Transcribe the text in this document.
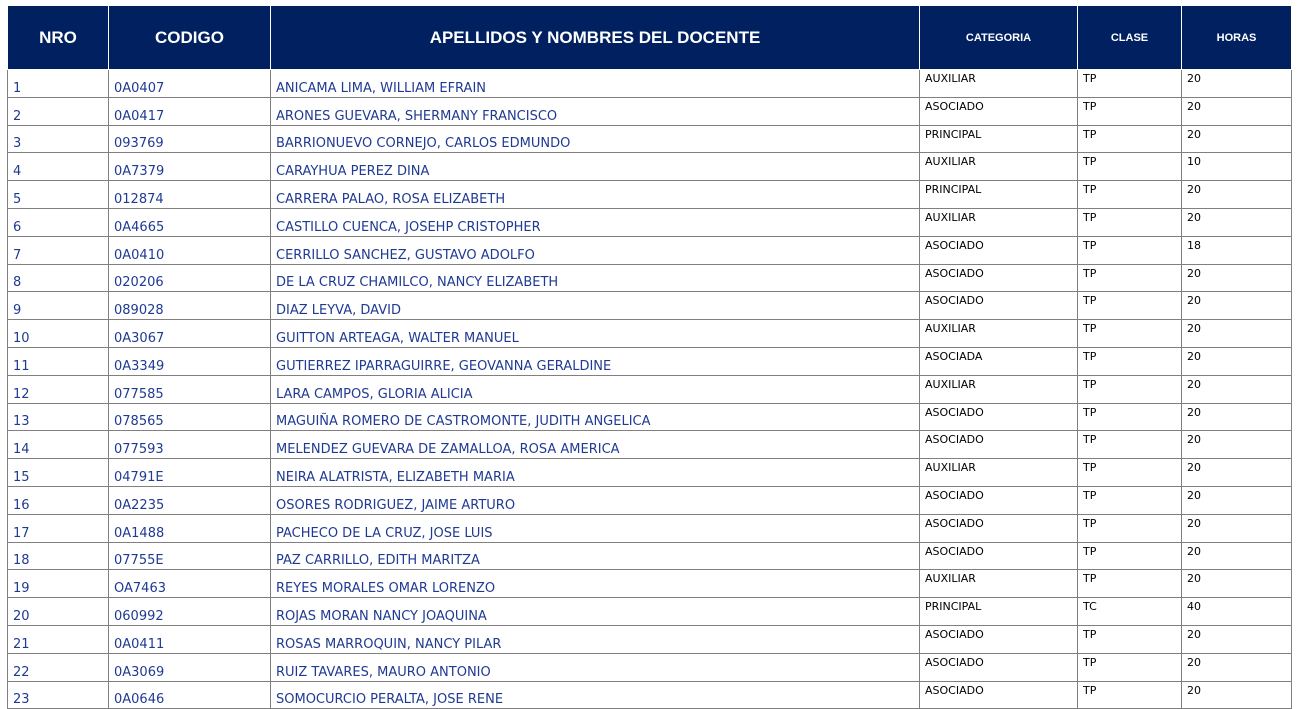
NRO	CODIGO	APELLIDOS Y NOMBRES DEL DOCENTE	CATEGORIA	CLASE	HORAS
1	0A0407	ANICAMA LIMA, WILLIAM EFRAIN	AUXILIAR	TP	20
2	0A0417	ARONES GUEVARA, SHERMANY FRANCISCO	ASOCIADO	TP	20
3	093769	BARRIONUEVO CORNEJO, CARLOS EDMUNDO	PRINCIPAL	TP	20
4	0A7379	CARAYHUA PEREZ DINA	AUXILIAR	TP	10
5	012874	CARRERA PALAO, ROSA ELIZABETH	PRINCIPAL	TP	20
6	0A4665	CASTILLO CUENCA, JOSEHP CRISTOPHER	AUXILIAR	TP	20
7	0A0410	CERRILLO SANCHEZ, GUSTAVO ADOLFO	ASOCIADO	TP	18
8	020206	DE LA CRUZ CHAMILCO, NANCY ELIZABETH	ASOCIADO	TP	20
9	089028	DIAZ LEYVA, DAVID	ASOCIADO	TP	20
10	0A3067	GUITTON ARTEAGA, WALTER MANUEL	AUXILIAR	TP	20
11	0A3349	GUTIERREZ IPARRAGUIRRE, GEOVANNA GERALDINE	ASOCIADA	TP	20
12	077585	LARA CAMPOS, GLORIA ALICIA	AUXILIAR	TP	20
13	078565	MAGUIÑA ROMERO DE CASTROMONTE, JUDITH ANGELICA	ASOCIADO	TP	20
14	077593	MELENDEZ GUEVARA DE ZAMALLOA, ROSA AMERICA	ASOCIADO	TP	20
15	04791E	NEIRA ALATRISTA, ELIZABETH MARIA	AUXILIAR	TP	20
16	0A2235	OSORES RODRIGUEZ, JAIME ARTURO	ASOCIADO	TP	20
17	0A1488	PACHECO DE LA CRUZ, JOSE LUIS	ASOCIADO	TP	20
18	07755E	PAZ CARRILLO, EDITH MARITZA	ASOCIADO	TP	20
19	OA7463	REYES MORALES OMAR LORENZO	AUXILIAR	TP	20
20	060992	ROJAS MORAN NANCY JOAQUINA	PRINCIPAL	TC	40
21	0A0411	ROSAS MARROQUIN, NANCY PILAR	ASOCIADO	TP	20
22	0A3069	RUIZ TAVARES, MAURO ANTONIO	ASOCIADO	TP	20
23	0A0646	SOMOCURCIO PERALTA, JOSE RENE	ASOCIADO	TP	20
